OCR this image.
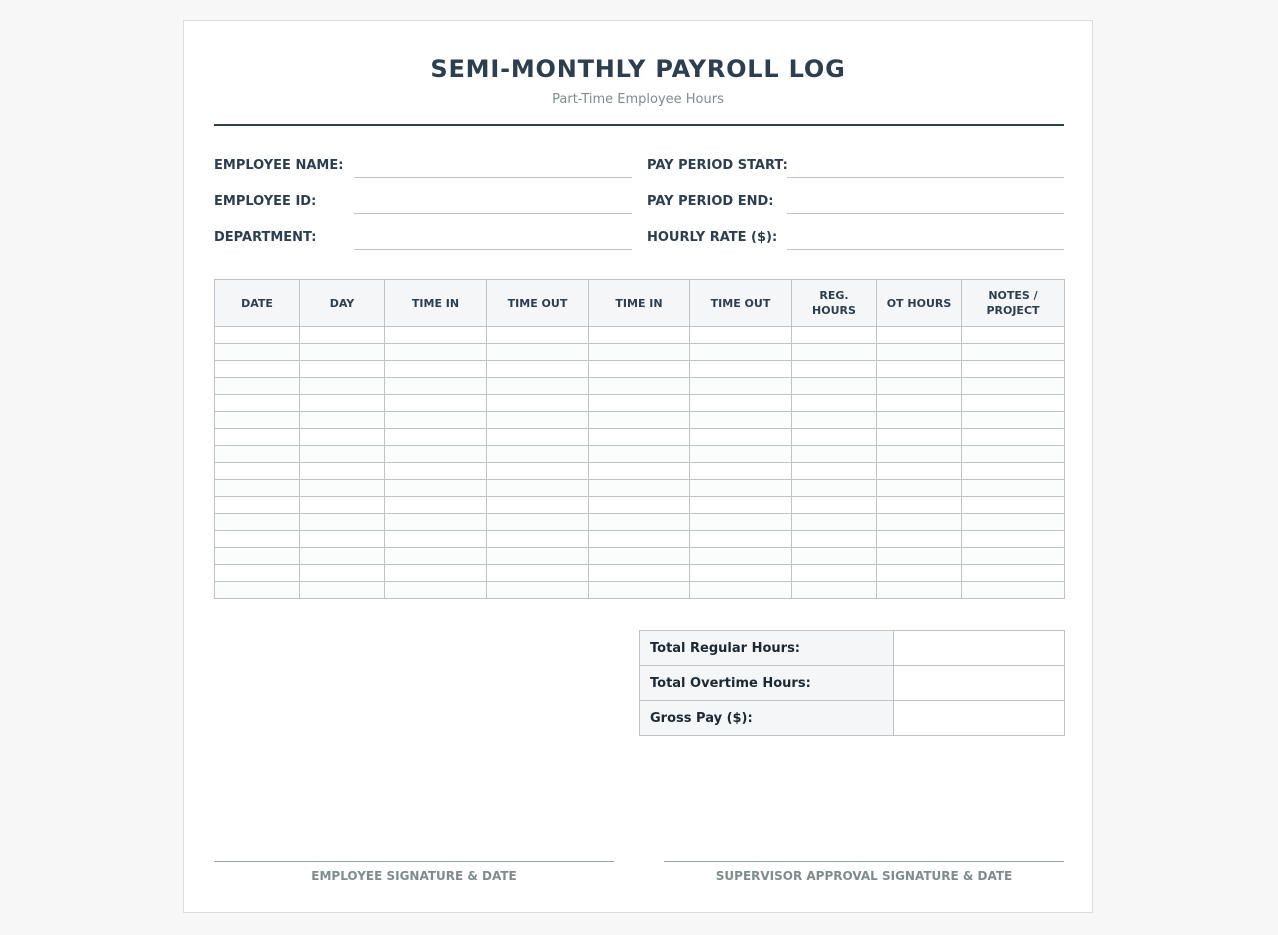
SEMI-MONTHLY PAYROLL LOG
Part-Time Employee Hours
EMPLOYEE NAME:
EMPLOYEE ID:
DEPARTMENT:
PAY PERIOD START:
PAY PERIOD END:
HOURLY RATE ($):
DATE	DAY	TIME IN	TIME OUT	TIME IN	TIME OUT	REG. HOURS	OT HOURS	NOTES / PROJECT

Total Regular Hours:	
Total Overtime Hours:	
Gross Pay ($):	
EMPLOYEE SIGNATURE & DATE	SUPERVISOR APPROVAL SIGNATURE & DATE
